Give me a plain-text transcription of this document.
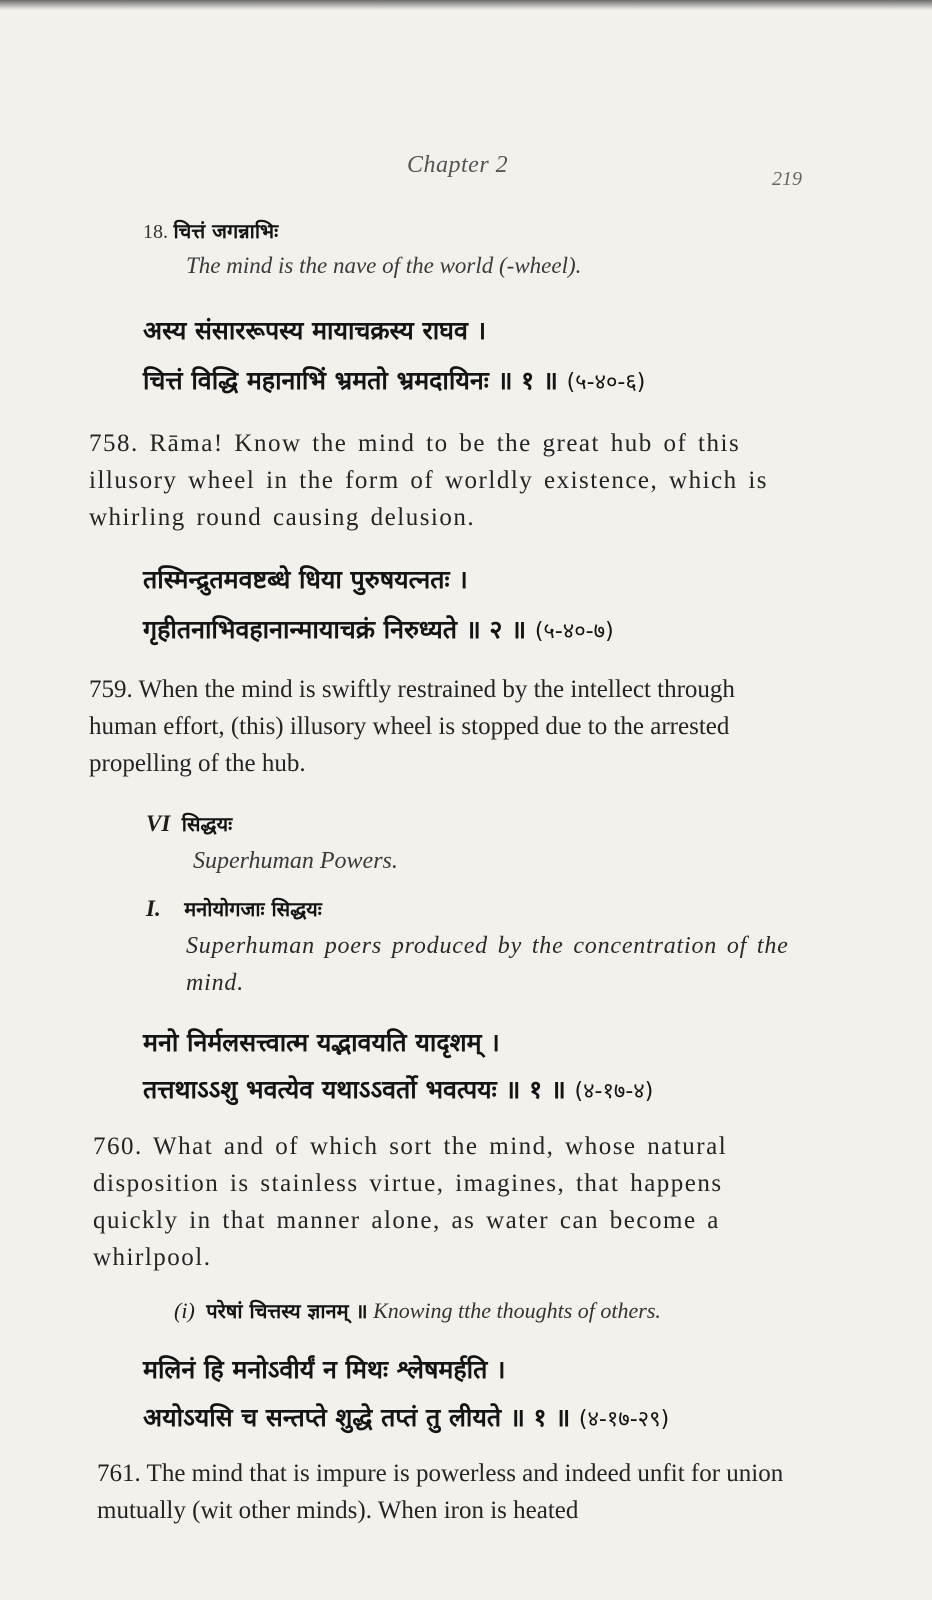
Chapter 2
219
18. चित्तं जगन्नाभिः
The mind is the nave of the world (-wheel).
अस्य संसाररूपस्य मायाचक्रस्य राघव ।
चित्तं विद्धि महानाभिं भ्रमतो भ्रमदायिनः ॥ १ ॥ (५-४०-६)

758. Rāma! Know the mind to be the great hub of this illusory wheel in the form of worldly existence, which is whirling round causing delusion.

तस्मिन्द्रुतमवष्टब्धे धिया पुरुषयत्नतः ।
गृहीतनाभिवहानान्मायाचक्रं निरुध्यते ॥ २ ॥ (५-४०-७)

759. When the mind is swiftly restrained by the intellect through human effort, (this) illusory wheel is stopped due to the arrested propelling of the hub.

VI सिद्धयः
Superhuman Powers.
I. मनोयोगजाः सिद्धयः
Superhuman poers produced by the concentration of the mind.
मनो निर्मलसत्त्वात्म यद्भावयति यादृशम् ।
तत्तथाऽऽशु भवत्येव यथाऽऽवर्तो भवत्पयः ॥ १ ॥ (४-१७-४)

760. What and of which sort the mind, whose natural disposition is stainless virtue, imagines, that happens quickly in that manner alone, as water can become a whirlpool.

(i) परेषां चित्तस्य ज्ञानम् ॥ Knowing tthe thoughts of others.
मलिनं हि मनोऽवीर्यं न मिथः श्लेषमर्हति ।
अयोऽयसि च सन्तप्ते शुद्धे तप्तं तु लीयते ॥ १ ॥ (४-१७-२९)

761. The mind that is impure is powerless and indeed unfit for union mutually (wit other minds). When iron is heated
